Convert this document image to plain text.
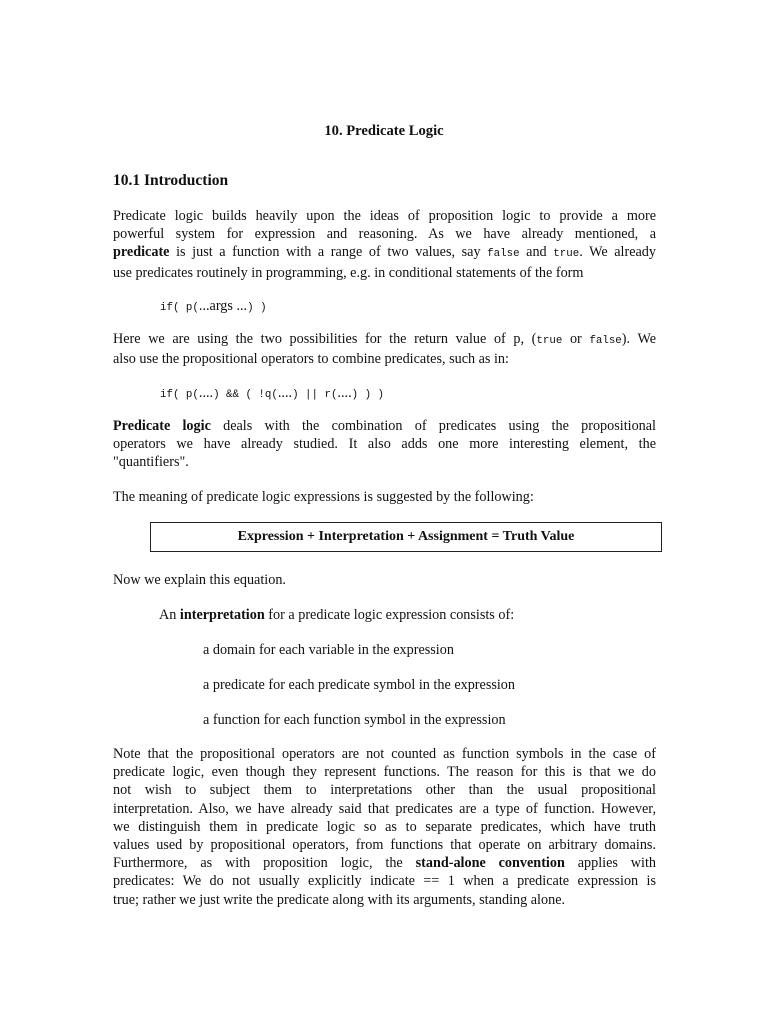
10. Predicate Logic
10.1 Introduction
Predicate logic builds heavily upon the ideas of proposition logic to provide a more
powerful system for expression and reasoning. As we have already mentioned, a
predicate is just a function with a range of two values, say false and true. We already
use predicates routinely in programming, e.g. in conditional statements of the form
if( p(...args ...) )
Here we are using the two possibilities for the return value of p, (true or false). We
also use the propositional operators to combine predicates, such as in:
if( p(....) && ( !q(....) || r(....) ) )
Predicate logic deals with the combination of predicates using the propositional
operators we have already studied. It also adds one more interesting element, the
"quantifiers".
The meaning of predicate logic expressions is suggested by the following:
Expression + Interpretation + Assignment = Truth Value
Now we explain this equation.
An interpretation for a predicate logic expression consists of:
a domain for each variable in the expression
a predicate for each predicate symbol in the expression
a function for each function symbol in the expression
Note that the propositional operators are not counted as function symbols in the case of
predicate logic, even though they represent functions. The reason for this is that we do
not wish to subject them to interpretations other than the usual propositional
interpretation. Also, we have already said that predicates are a type of function. However,
we distinguish them in predicate logic so as to separate predicates, which have truth
values used by propositional operators, from functions that operate on arbitrary domains.
Furthermore, as with proposition logic, the stand-alone convention applies with
predicates: We do not usually explicitly indicate == 1 when a predicate expression is
true; rather we just write the predicate along with its arguments, standing alone.
